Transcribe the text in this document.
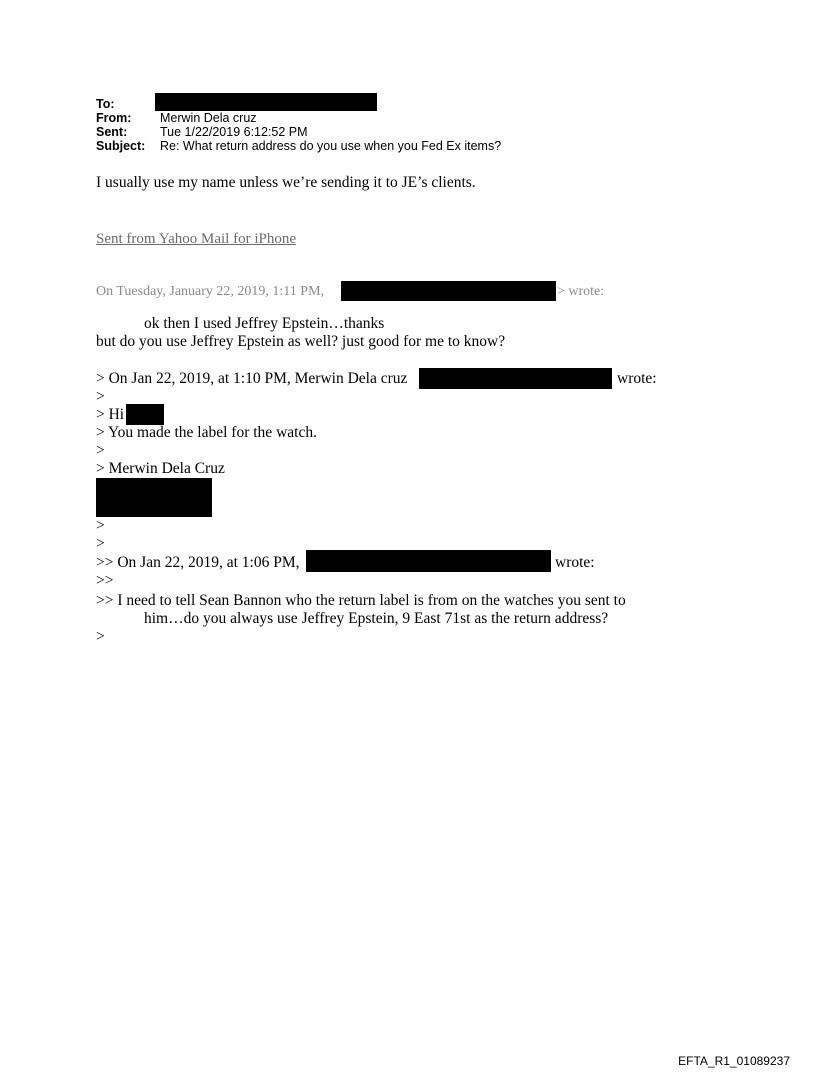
To:
From: Merwin Dela cruz
Sent:	Tue 1/22/2019 6:12:52 PM
Subject: Re: What return address do you use when you Fed Ex items?
I usually use my name unless we’re sending it to JE’s clients.
Sent from Yahoo Mail for iPhone
On Tuesday, January 22, 2019, 1:11 PM,	> wrote:
ok then I used Jeffrey Epstein…thanks
but do you use Jeffrey Epstein as well? just good for me to know?
> On Jan 22, 2019, at 1:10 PM, Merwin Dela cruz	wrote:
>
> Hi
> You made the label for the watch.
>
> Merwin Dela Cruz
>
>
>> On Jan 22, 2019, at 1:06 PM,	wrote:
>>
>> I need to tell Sean Bannon who the return label is from on the watches you sent to
him…do you always use Jeffrey Epstein, 9 East 71st as the return address?
>
EFTA_R1_01089237
